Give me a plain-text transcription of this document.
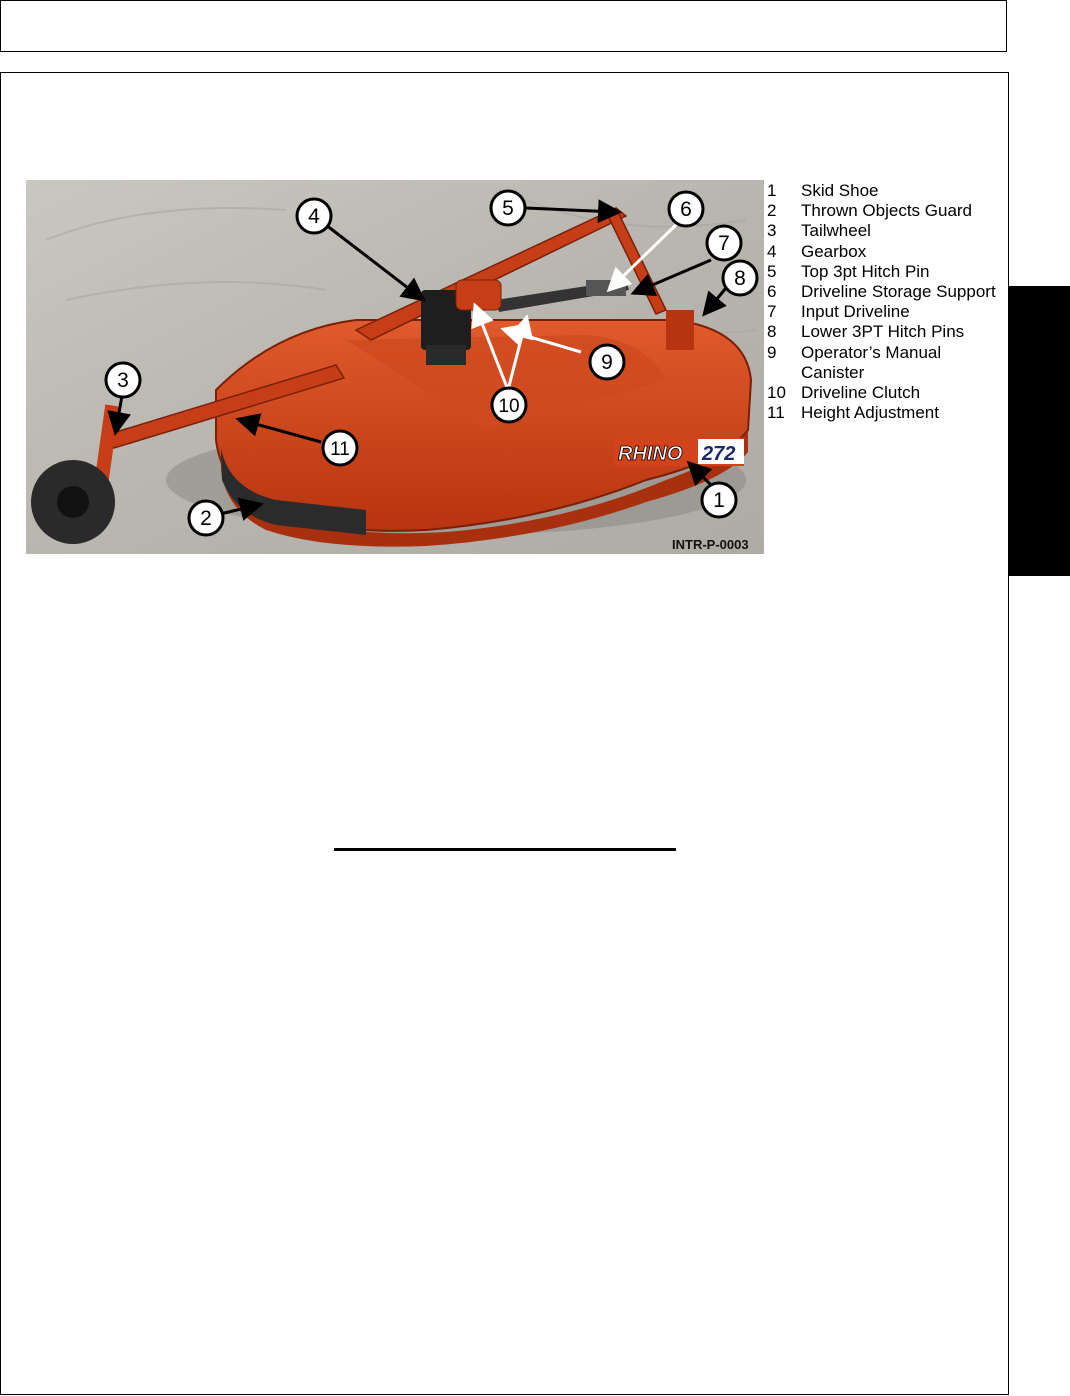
RHINO 272
INTR-P-0003
1
2
3
4	5	6
7
8
9
10
11
1	Skid Shoe
2	Thrown Objects Guard
3	Tailwheel
4	Gearbox
5	Top 3pt Hitch Pin
6	Driveline Storage Support
7	Input Driveline
8	Lower 3PT Hitch Pins
9	Operator’s Manual Canister
10 Driveline Clutch
11 Height Adjustment
